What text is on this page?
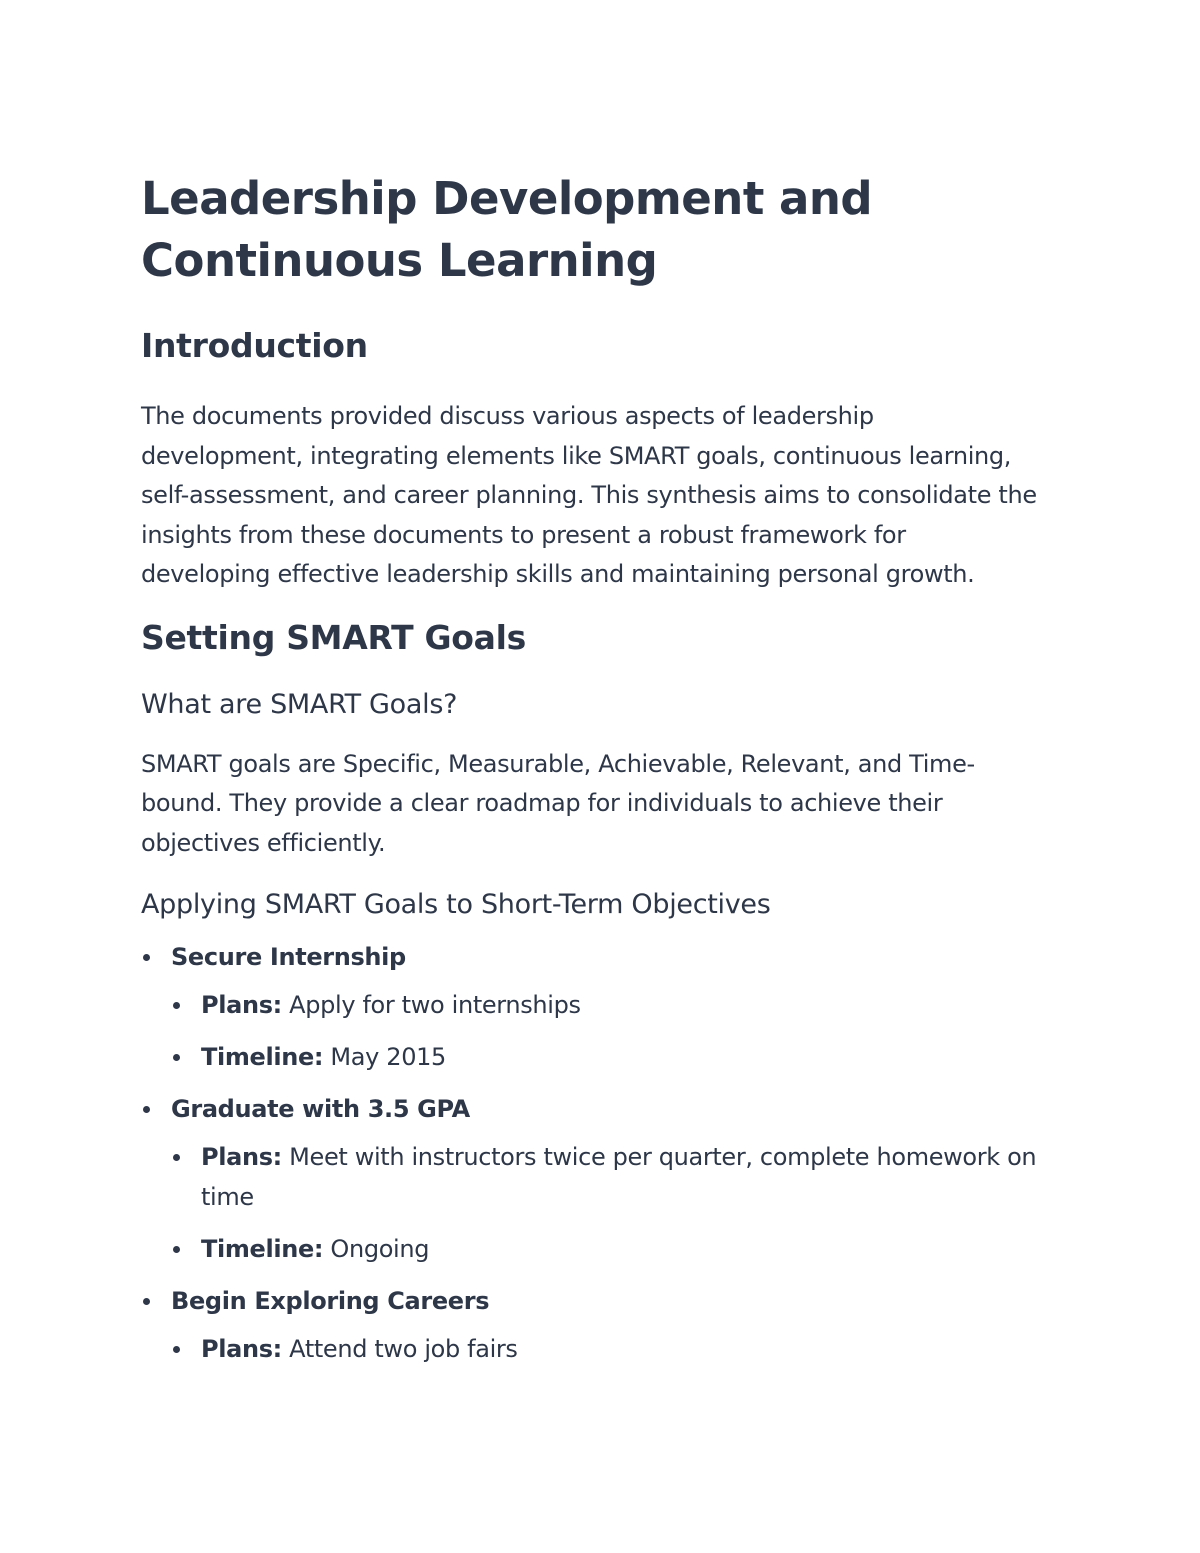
Leadership Development and Continuous Learning
Introduction

The documents provided discuss various aspects of leadership development, integrating elements like SMART goals, continuous learning, self-assessment, and career planning. This synthesis aims to consolidate the insights from these documents to present a robust framework for developing effective leadership skills and maintaining personal growth.

Setting SMART Goals
What are SMART Goals?

SMART goals are Specific, Measurable, Achievable, Relevant, and Time-bound. They provide a clear roadmap for individuals to achieve their objectives efficiently.

Applying SMART Goals to Short-Term Objectives
Secure Internship
Plans: Apply for two internships
Timeline: May 2015
Graduate with 3.5 GPA
Plans: Meet with instructors twice per quarter, complete homework on time
Timeline: Ongoing
Begin Exploring Careers
Plans: Attend two job fairs
